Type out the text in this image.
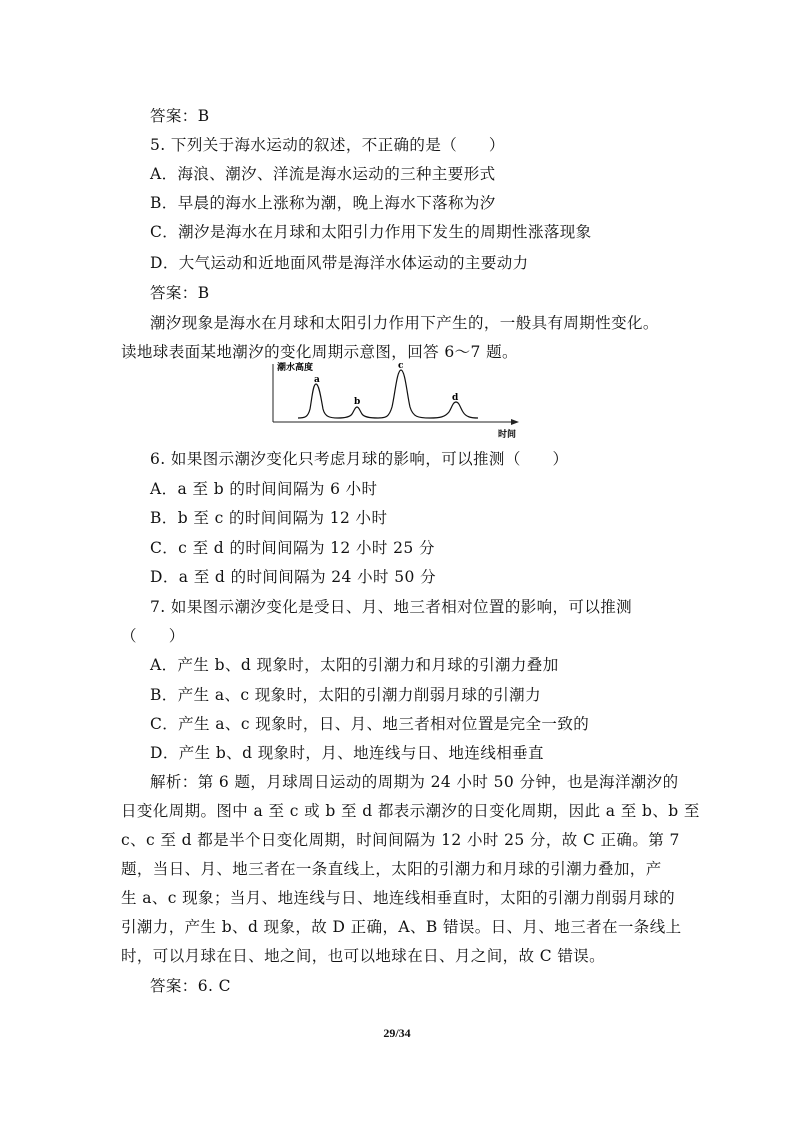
答案：B
5. 下列关于海水运动的叙述，不正确的是（　　）
A．海浪、潮汐、洋流是海水运动的三种主要形式
B．早晨的海水上涨称为潮，晚上海水下落称为汐
C．潮汐是海水在月球和太阳引力作用下发生的周期性涨落现象
D．大气运动和近地面风带是海洋水体运动的主要动力
答案：B
潮汐现象是海水在月球和太阳引力作用下产生的，一般具有周期性变化。
读地球表面某地潮汐的变化周期示意图，回答 6～7 题。
潮水高度
时间
a
b
c
d
6. 如果图示潮汐变化只考虑月球的影响，可以推测（　　）
A．a 至 b 的时间间隔为 6 小时
B．b 至 c 的时间间隔为 12 小时
C．c 至 d 的时间间隔为 12 小时 25 分
D．a 至 d 的时间间隔为 24 小时 50 分
7. 如果图示潮汐变化是受日、月、地三者相对位置的影响，可以推测
（　　）
A．产生 b、d 现象时，太阳的引潮力和月球的引潮力叠加
B．产生 a、c 现象时，太阳的引潮力削弱月球的引潮力
C．产生 a、c 现象时，日、月、地三者相对位置是完全一致的
D．产生 b、d 现象时，月、地连线与日、地连线相垂直
解析：第 6 题，月球周日运动的周期为 24 小时 50 分钟，也是海洋潮汐的
日变化周期。图中 a 至 c 或 b 至 d 都表示潮汐的日变化周期，因此 a 至 b、b 至
c、c 至 d 都是半个日变化周期，时间间隔为 12 小时 25 分，故 C 正确。第 7
题，当日、月、地三者在一条直线上，太阳的引潮力和月球的引潮力叠加，产
生 a、c 现象；当月、地连线与日、地连线相垂直时，太阳的引潮力削弱月球的
引潮力，产生 b、d 现象，故 D 正确，A、B 错误。日、月、地三者在一条线上
时，可以月球在日、地之间，也可以地球在日、月之间，故 C 错误。
答案：6. C
29/34
